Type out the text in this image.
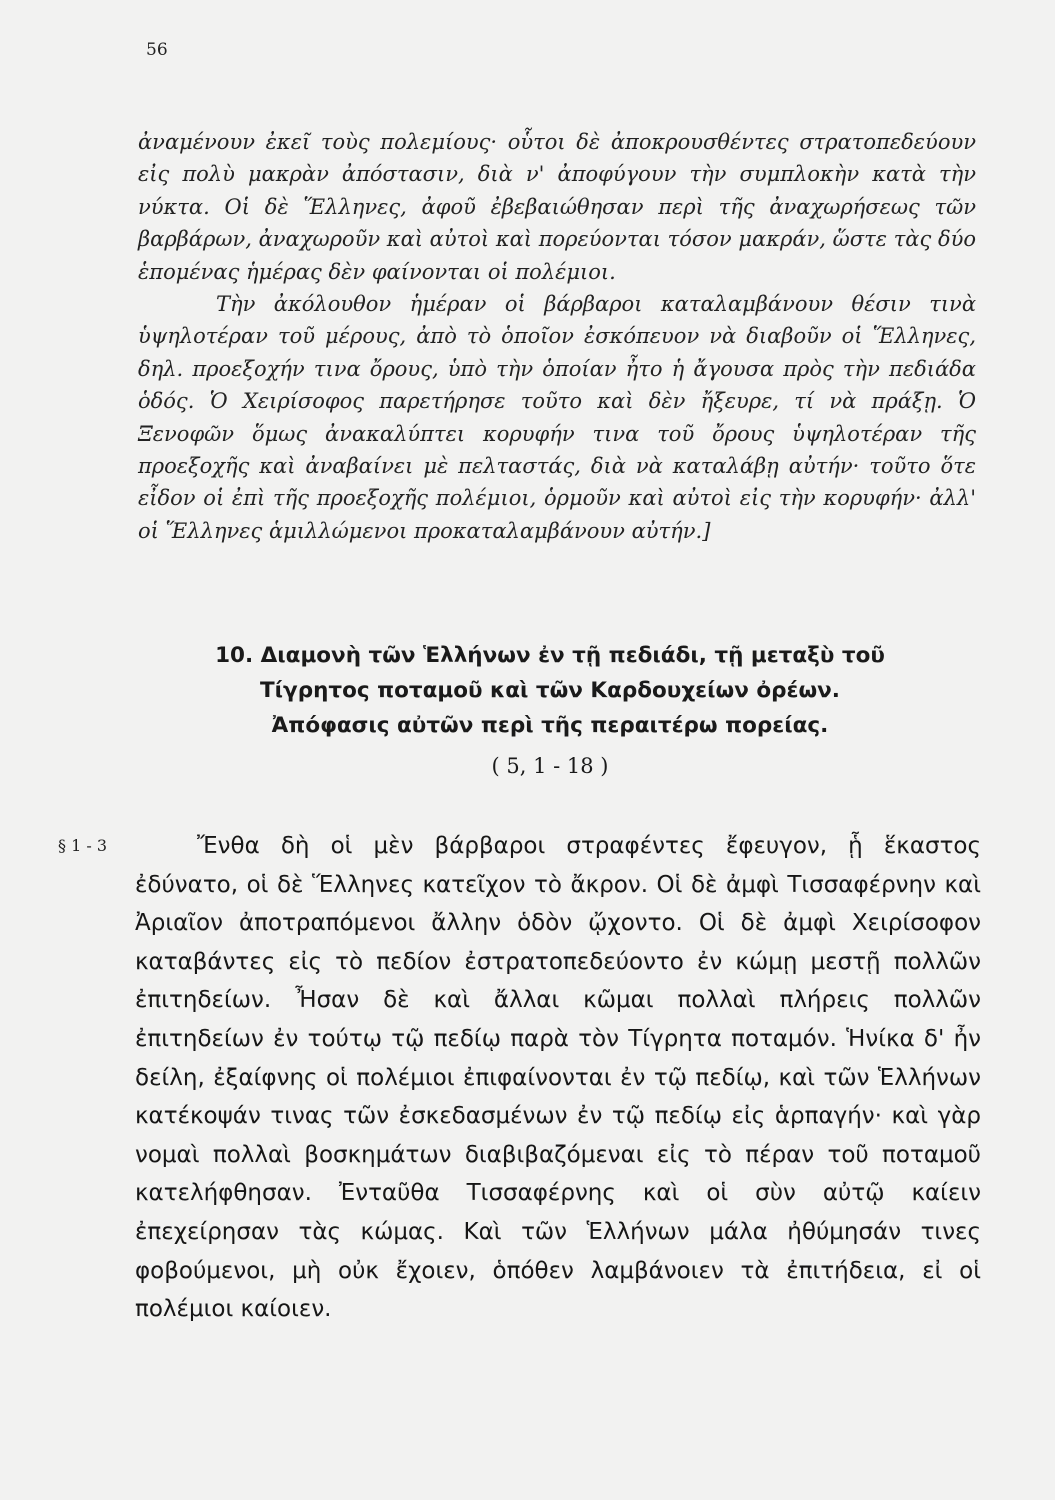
56

ἀναμένουν ἐκεῖ τοὺς πολεμίους· οὗτοι δὲ ἀποκρουσθέντες στρατοπεδεύουν εἰς πολὺ μακρὰν ἀπόστασιν, διὰ ν' ἀποφύγουν τὴν συμπλοκὴν κατὰ τὴν νύκτα. Οἱ δὲ Ἕλληνες, ἀφοῦ ἐβεβαιώθησαν περὶ τῆς ἀναχωρήσεως τῶν βαρβάρων, ἀναχωροῦν καὶ αὐτοὶ καὶ πορεύονται τόσον μακράν, ὥστε τὰς δύο ἑπομένας ἡμέρας δὲν φαίνονται οἱ πολέμιοι.

Τὴν ἀκόλουθον ἡμέραν οἱ βάρβαροι καταλαμβάνουν θέσιν τινὰ ὑψηλοτέραν τοῦ μέρους, ἀπὸ τὸ ὁποῖον ἐσκόπευον νὰ διαβοῦν οἱ Ἕλληνες, δηλ. προεξοχήν τινα ὄρους, ὑπὸ τὴν ὁποίαν ἦτο ἡ ἄγουσα πρὸς τὴν πεδιάδα ὁδός. Ὁ Χειρίσοφος παρετήρησε τοῦτο καὶ δὲν ἤξευρε, τί νὰ πράξῃ. Ὁ Ξενοφῶν ὅμως ἀνακαλύπτει κορυφήν τινα τοῦ ὄρους ὑψηλοτέραν τῆς προεξοχῆς καὶ ἀναβαίνει μὲ πελταστάς, διὰ νὰ καταλάβῃ αὐτήν· τοῦτο ὅτε εἶδον οἱ ἐπὶ τῆς προεξοχῆς πολέμιοι, ὁρμοῦν καὶ αὐτοὶ εἰς τὴν κορυφήν· ἀλλ' οἱ Ἕλληνες ἁμιλλώμενοι προκαταλαμβάνουν αὐτήν.]

10. Διαμονὴ τῶν Ἑλλήνων ἐν τῇ πεδιάδι, τῇ μεταξὺ τοῦ
Τίγρητος ποταμοῦ καὶ τῶν Καρδουχείων ὀρέων.
Ἀπόφασις αὐτῶν περὶ τῆς περαιτέρω πορείας.
( 5, 1 - 18 )
§ 1 - 3	Ἔνθα δὴ οἱ μὲν βάρβαροι στραφέντες ἔφευγον, ᾗ ἕκαστος ἐδύνατο, οἱ δὲ Ἕλληνες κατεῖχον τὸ ἄκρον. Οἱ δὲ ἀμφὶ Τισσαφέρνην καὶ Ἀριαῖον ἀποτραπόμενοι ἄλλην ὁδὸν ᾤχοντο. Οἱ δὲ ἀμφὶ Χειρίσοφον καταβάντες εἰς τὸ πεδίον ἐστρατοπεδεύοντο ἐν κώμῃ μεστῇ πολλῶν ἐπιτηδείων. Ἦσαν δὲ καὶ ἄλλαι κῶμαι πολλαὶ πλήρεις πολλῶν ἐπιτηδείων ἐν τούτῳ τῷ πεδίῳ παρὰ τὸν Τίγρητα ποταμόν. Ἡνίκα δ' ἦν δείλη, ἐξαίφνης οἱ πολέμιοι ἐπιφαίνονται ἐν τῷ πεδίῳ, καὶ τῶν Ἑλλήνων κατέκοψάν τινας τῶν ἐσκεδασμένων ἐν τῷ πεδίῳ εἰς ἁρπαγήν· καὶ γὰρ νομαὶ πολλαὶ βοσκημάτων διαβιβαζόμεναι εἰς τὸ πέραν τοῦ ποταμοῦ κατελήφθησαν. Ἐνταῦθα Τισσαφέρνης καὶ οἱ σὺν αὐτῷ καίειν ἐπεχείρησαν τὰς κώμας. Καὶ τῶν Ἑλλήνων μάλα ἠθύμησάν τινες φοβούμενοι, μὴ οὐκ ἔχοιεν, ὁπόθεν λαμβάνοιεν τὰ ἐπιτήδεια, εἰ οἱ πολέμιοι καίοιεν.
